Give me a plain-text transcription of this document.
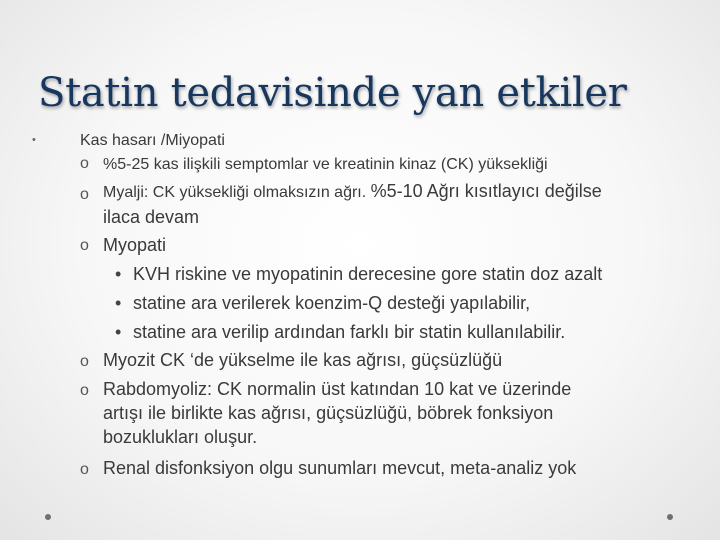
Statin tedavisinde yan etkiler
•	Kas hasarı /Miyopati
o %5-25 kas ilişkili semptomlar ve kreatinin kinaz (CK) yüksekliği
o Myalji: CK yüksekliği olmaksızın ağrı. %5-10 Ağrı kısıtlayıcı değilse
ilaca devam
o Myopati
• KVH riskine ve myopatinin derecesine gore statin doz azalt
• statine ara verilerek koenzim-Q desteği yapılabilir,
• statine ara verilip ardından farklı bir statin kullanılabilir.
o Myozit CK ‘de yükselme ile kas ağrısı, güçsüzlüğü
o Rabdomyoliz: CK normalin üst katından 10 kat ve üzerinde
artışı ile birlikte kas ağrısı, güçsüzlüğü, böbrek fonksiyon
bozuklukları oluşur.
o Renal disfonksiyon olgu sunumları mevcut, meta-analiz yok
